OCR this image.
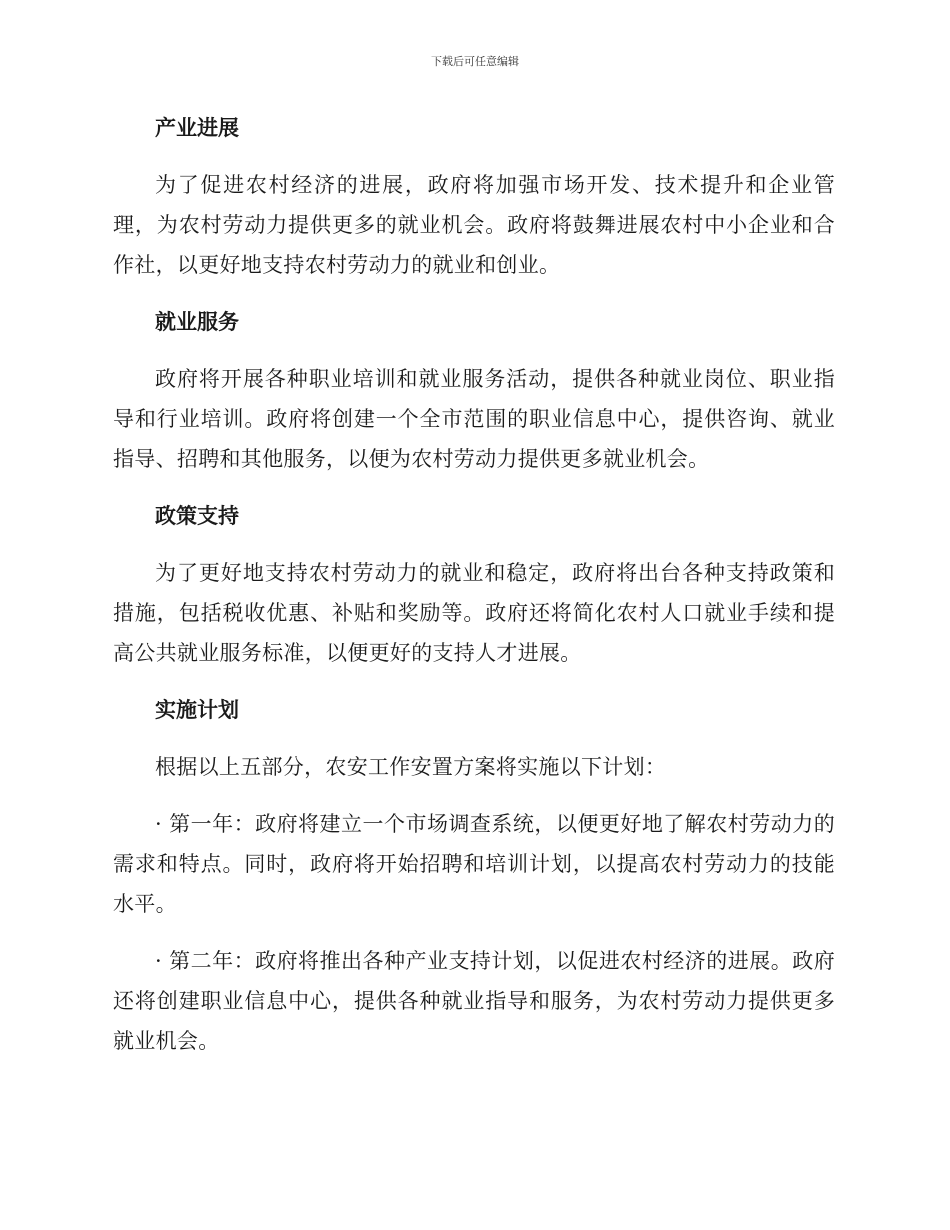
下载后可任意编辑
产业进展

为了促进农村经济的进展，政府将加强市场开发、技术提升和企业管理，为农村劳动力提供更多的就业机会。政府将鼓舞进展农村中小企业和合作社，以更好地支持农村劳动力的就业和创业。

就业服务

政府将开展各种职业培训和就业服务活动，提供各种就业岗位、职业指导和行业培训。政府将创建一个全市范围的职业信息中心，提供咨询、就业指导、招聘和其他服务，以便为农村劳动力提供更多就业机会。

政策支持

为了更好地支持农村劳动力的就业和稳定，政府将出台各种支持政策和措施，包括税收优惠、补贴和奖励等。政府还将简化农村人口就业手续和提高公共就业服务标准，以便更好的支持人才进展。

实施计划

根据以上五部分，农安工作安置方案将实施以下计划：

· 第一年：政府将建立一个市场调查系统，以便更好地了解农村劳动力的需求和特点。同时，政府将开始招聘和培训计划，以提高农村劳动力的技能水平。

· 第二年：政府将推出各种产业支持计划，以促进农村经济的进展。政府还将创建职业信息中心，提供各种就业指导和服务，为农村劳动力提供更多就业机会。
